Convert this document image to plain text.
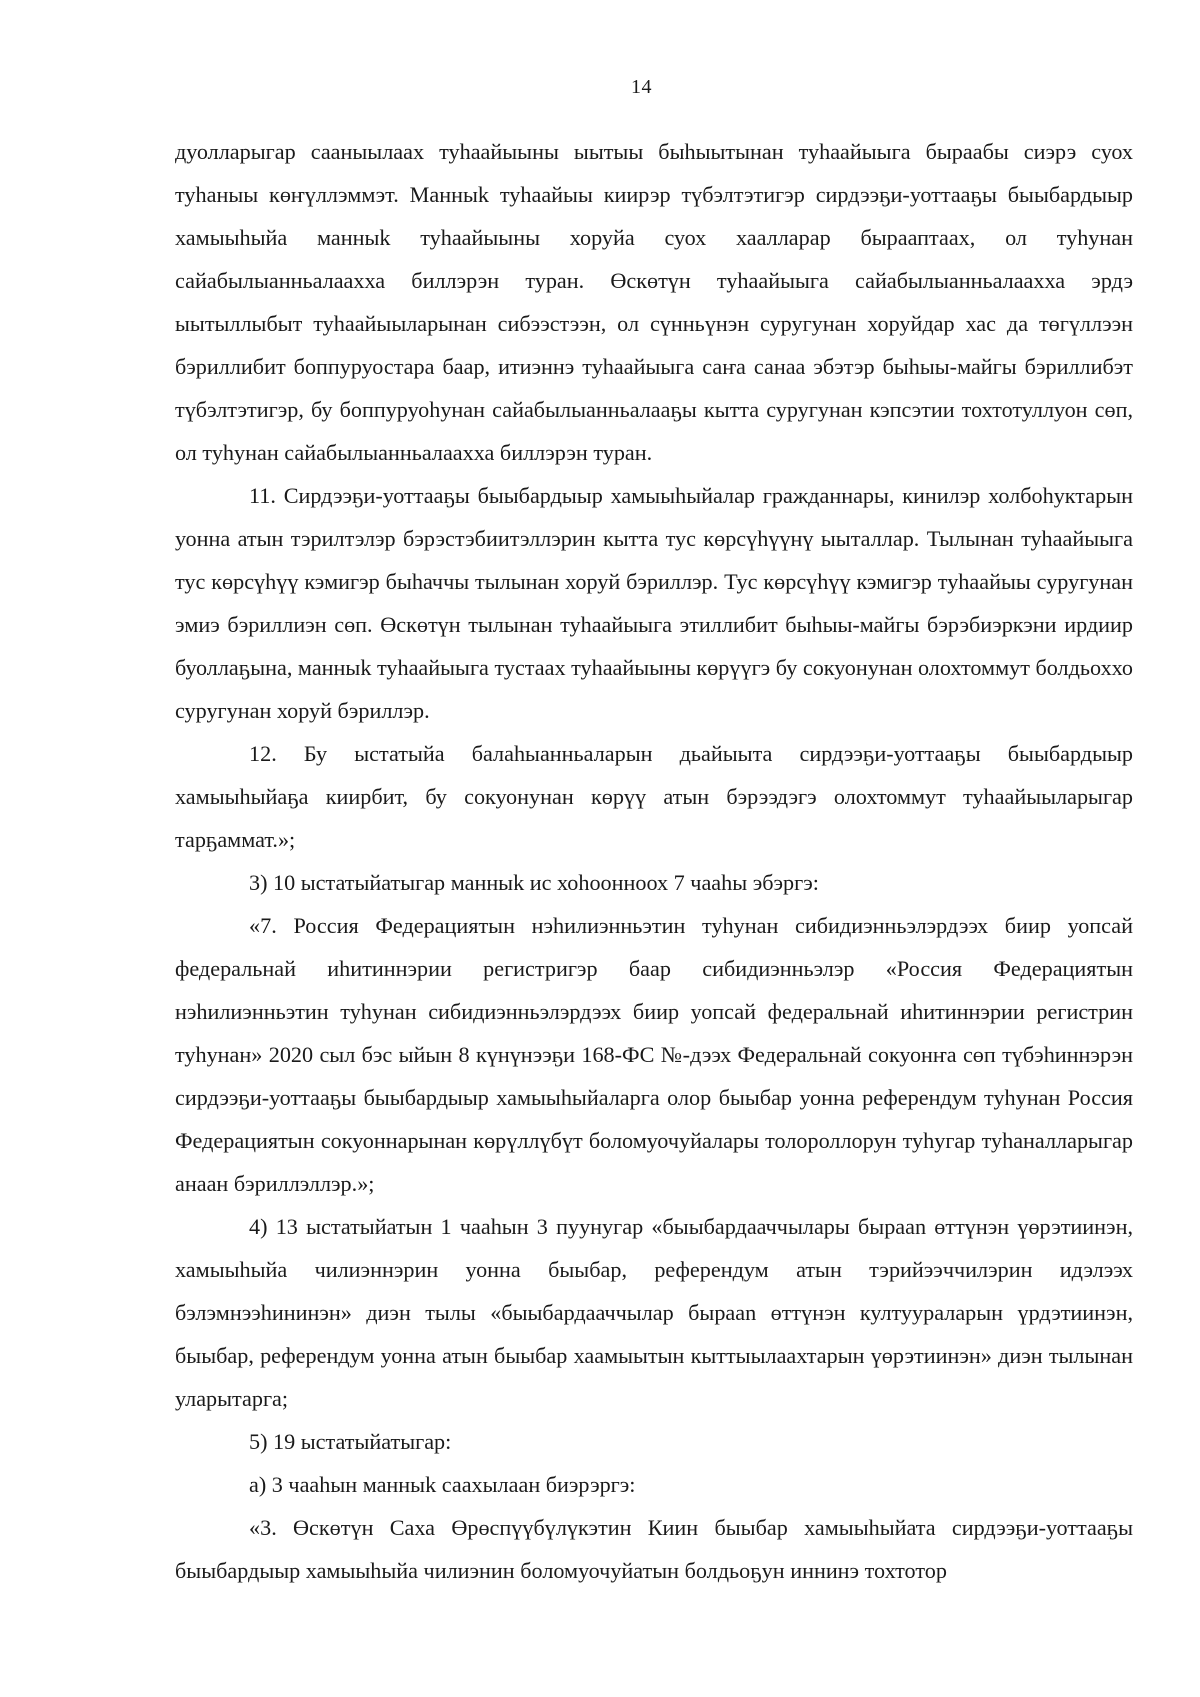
14

дуолларыгар сааныылаах туhаайыыны ыытыы быhыытынан туhаайыыга быраабы сиэрэ суох туhаныы көҥүллэммэт. Манныk туhаайыы киирэр түбэлтэтигэр сирдээҕи-уоттааҕы быыбардыыр хамыыhыйа манныk туhаайыыны хоруйа суох хаалларар бырааптаах, ол туhунан сайабылыанньалаахха биллэрэн туран. Өскөтүн туhаайыыга сайабылыанньалаахха эрдэ ыытыллыбыт туhаайыыларынан сибээстээн, ол сүнньүнэн суругунан хоруйдар хас да төгүллээн бэриллибит боппуруостара баар, итиэннэ туhаайыыга саҥа санаа эбэтэр быhыы-майгы бэриллибэт түбэлтэтигэр, бу боппуруоhунан сайабылыанньалааҕы кытта суругунан кэпсэтии тохтотуллуон сөп, ол туhунан сайабылыанньалаахха биллэрэн туран.

11. Сирдээҕи-уоттааҕы быыбардыыр хамыыhыйалар гражданнары, кинилэр холбоhуктарын уонна атын тэрилтэлэр бэрэстэбиитэллэрин кытта тус көрсүhүүнү ыыталлар. Тылынан туhаайыыга тус көрсүhүү кэмигэр быhаччы тылынан хоруй бэриллэр. Тус көрсүhүү кэмигэр туhаайыы суругунан эмиэ бэриллиэн сөп. Өскөтүн тылынан туhаайыыга этиллибит быhыы-майгы бэрэбиэркэни ирдиир буоллаҕына, манныk туhаайыыга тустаах туhаайыыны көрүүгэ бу сокуонунан олохтоммут болдьоххо суругунан хоруй бэриллэр.

12. Бу ыстатыйа балаhыанньаларын дьайыыта сирдээҕи-уоттааҕы быыбардыыр хамыыhыйаҕа киирбит, бу сокуонунан көрүү атын бэрээдэгэ олохтоммут туhаайыыларыгар тарҕаммат.»;

3) 10 ыстатыйатыгар манныk ис хоhоонноох 7 чааhы эбэргэ:

«7. Россия Федерациятын нэhилиэнньэтин туhунан сибидиэнньэлэрдээх биир уопсай федеральнай иhитиннэрии регистригэр баар сибидиэнньэлэр «Россия Федерациятын нэhилиэнньэтин туhунан сибидиэнньэлэрдээх биир уопсай федеральнай иhитиннэрии регистрин туhунан» 2020 сыл бэс ыйын 8 күнүнээҕи 168-ФС №-дээх Федеральнай сокуонҥа сөп түбэhиннэрэн сирдээҕи-уоттааҕы быыбардыыр хамыыhыйаларга олор быыбар уонна референдум туhунан Россия Федерациятын сокуоннарынан көрүллүбүт боломуочуйалары толороллорун туhугар туhаналларыгар анаан бэриллэллэр.»;

4) 13 ыстатыйатын 1 чааhын 3 пуунугар «быыбардааччылары бырааn өттүнэн үөрэтиинэн, хамыыhыйа чилиэннэрин уонна быыбар, референдум атын тэрийээччилэрин идэлээх бэлэмнээhининэн» диэн тылы «быыбардааччылар бырааn өттүнэн култуураларын үрдэтиинэн, быыбар, референдум уонна атын быыбар хаамыытын кыттыылаахтарын үөрэтиинэн» диэн тылынан уларытарга;

5) 19 ыстатыйатыгар:

а) 3 чааhын манныk саахылаан биэрэргэ:

«3. Өскөтүн Саха Өрөспүүбүлүкэтин Киин быыбар хамыыhыйата сирдээҕи-уоттааҕы быыбардыыр хамыыhыйа чилиэнин боломуочуйатын болдьоҕун иннинэ тохтотор
